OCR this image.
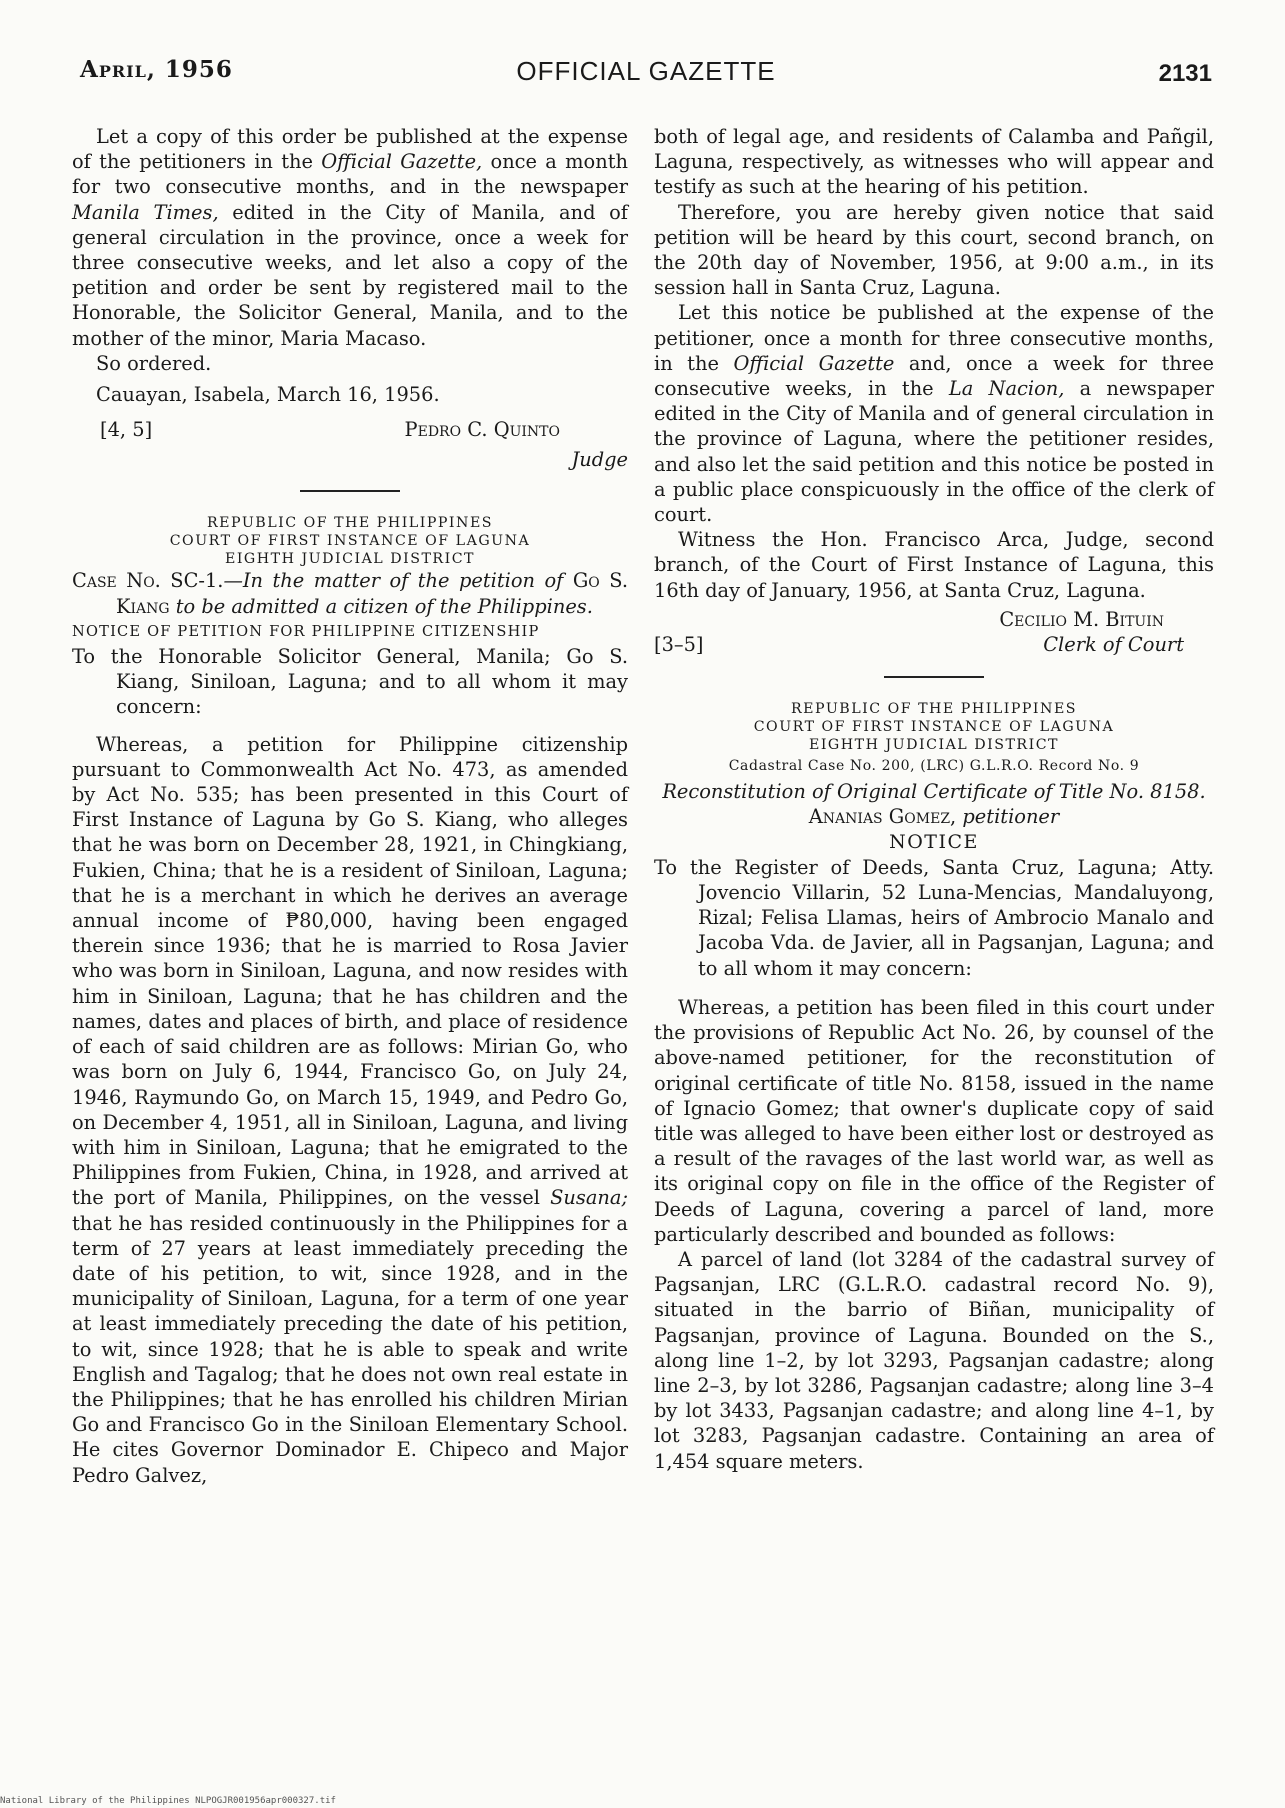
April, 1956	OFFICIAL GAZETTE	2131

Let a copy of this order be published at the expense of the petitioners in the Official Gazette, once a month for two consecutive months, and in the newspaper Manila Times, edited in the City of Manila, and of general circulation in the province, once a week for three consecutive weeks, and let also a copy of the petition and order be sent by registered mail to the Honorable, the Solicitor General, Manila, and to the mother of the minor, Maria Macaso.

So ordered.

Cauayan, Isabela, March 16, 1956.

[4, 5]	Pedro C. Quinto

Judge

REPUBLIC OF THE PHILIPPINES
COURT OF FIRST INSTANCE OF LAGUNA
EIGHTH JUDICIAL DISTRICT

Case No. SC-1.—In the matter of the petition of Go S. Kiang to be admitted a citizen of the Philippines.

NOTICE OF PETITION FOR PHILIPPINE CITIZENSHIP

To the Honorable Solicitor General, Manila; Go S. Kiang, Siniloan, Laguna; and to all whom it may concern:

Whereas, a petition for Philippine citizenship pursuant to Commonwealth Act No. 473, as amended by Act No. 535; has been presented in this Court of First Instance of Laguna by Go S. Kiang, who alleges that he was born on December 28, 1921, in Chingkiang, Fukien, China; that he is a resident of Siniloan, Laguna; that he is a merchant in which he derives an average annual income of ₱80,000, having been engaged therein since 1936; that he is married to Rosa Javier who was born in Siniloan, Laguna, and now resides with him in Siniloan, Laguna; that he has children and the names, dates and places of birth, and place of residence of each of said children are as follows: Mirian Go, who was born on July 6, 1944, Francisco Go, on July 24, 1946, Raymundo Go, on March 15, 1949, and Pedro Go, on December 4, 1951, all in Siniloan, Laguna, and living with him in Siniloan, Laguna; that he emigrated to the Philippines from Fukien, China, in 1928, and arrived at the port of Manila, Philippines, on the vessel Susana; that he has resided continuously in the Philippines for a term of 27 years at least immediately preceding the date of his petition, to wit, since 1928, and in the municipality of Siniloan, Laguna, for a term of one year at least immediately preceding the date of his petition, to wit, since 1928; that he is able to speak and write English and Tagalog; that he does not own real estate in the Philippines; that he has enrolled his children Mirian Go and Francisco Go in the Siniloan Elementary School. He cites Governor Dominador E. Chipeco and Major Pedro Galvez,

both of legal age, and residents of Calamba and Pañgil, Laguna, respectively, as witnesses who will appear and testify as such at the hearing of his petition.

Therefore, you are hereby given notice that said petition will be heard by this court, second branch, on the 20th day of November, 1956, at 9:00 a.m., in its session hall in Santa Cruz, Laguna.

Let this notice be published at the expense of the petitioner, once a month for three consecutive months, in the Official Gazette and, once a week for three consecutive weeks, in the La Nacion, a newspaper edited in the City of Manila and of general circulation in the province of Laguna, where the petitioner resides, and also let the said petition and this notice be posted in a public place conspicuously in the office of the clerk of court.

Witness the Hon. Francisco Arca, Judge, second branch, of the Court of First Instance of Laguna, this 16th day of January, 1956, at Santa Cruz, Laguna.

Cecilio M. Bituin
[3–5]	Clerk of Court
REPUBLIC OF THE PHILIPPINES
COURT OF FIRST INSTANCE OF LAGUNA
EIGHTH JUDICIAL DISTRICT

Cadastral Case No. 200, (LRC) G.L.R.O. Record No. 9

Reconstitution of Original Certificate of Title No. 8158. Ananias Gomez, petitioner

NOTICE

To the Register of Deeds, Santa Cruz, Laguna; Atty. Jovencio Villarin, 52 Luna-Mencias, Mandaluyong, Rizal; Felisa Llamas, heirs of Ambrocio Manalo and Jacoba Vda. de Javier, all in Pagsanjan, Laguna; and to all whom it may concern:

Whereas, a petition has been filed in this court under the provisions of Republic Act No. 26, by counsel of the above-named petitioner, for the reconstitution of original certificate of title No. 8158, issued in the name of Ignacio Gomez; that owner's duplicate copy of said title was alleged to have been either lost or destroyed as a result of the ravages of the last world war, as well as its original copy on file in the office of the Register of Deeds of Laguna, covering a parcel of land, more particularly described and bounded as follows:

A parcel of land (lot 3284 of the cadastral survey of Pagsanjan, LRC (G.L.R.O. cadastral record No. 9), situated in the barrio of Biñan, municipality of Pagsanjan, province of Laguna. Bounded on the S., along line 1–2, by lot 3293, Pagsanjan cadastre; along line 2–3, by lot 3286, Pagsanjan cadastre; along line 3–4 by lot 3433, Pagsanjan cadastre; and along line 4–1, by lot 3283, Pagsanjan cadastre. Containing an area of 1,454 square meters.

National Library of the Philippines NLPOGJR001956apr000327.tif
